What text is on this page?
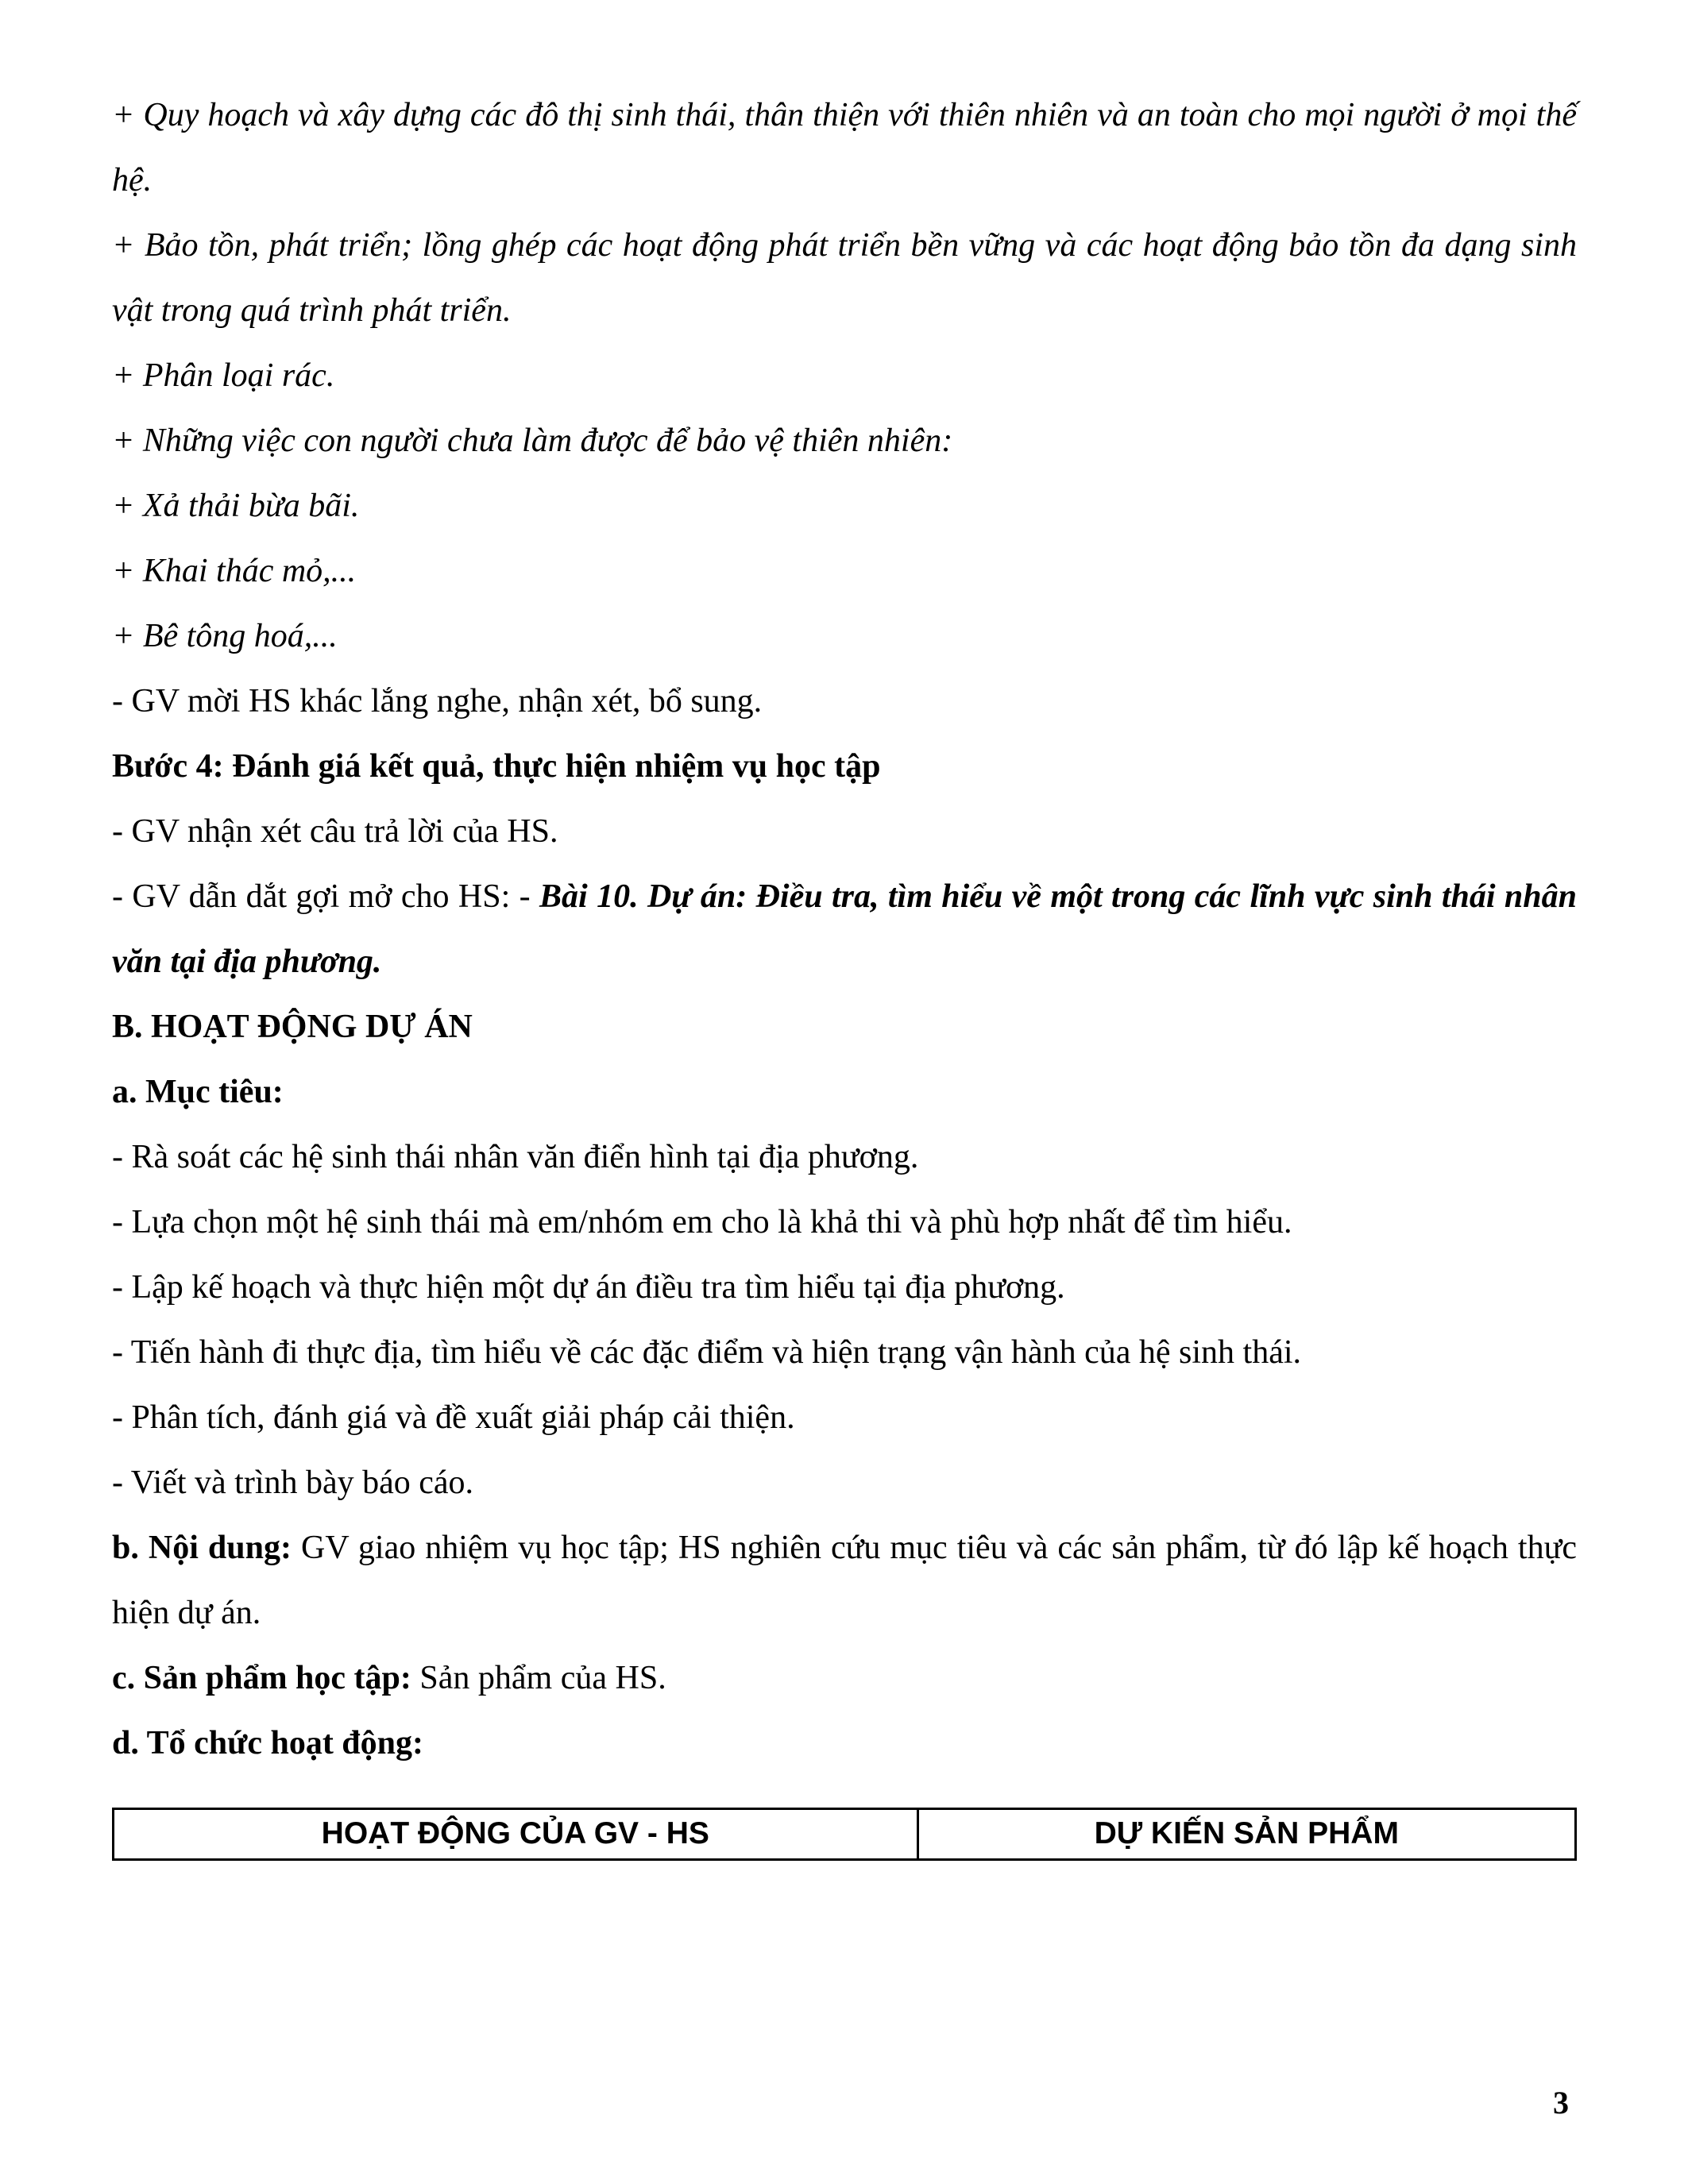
+ Quy hoạch và xây dựng các đô thị sinh thái, thân thiện với thiên nhiên và an toàn cho mọi người ở mọi thế hệ.

+ Bảo tồn, phát triển; lồng ghép các hoạt động phát triển bền vững và các hoạt động bảo tồn đa dạng sinh vật trong quá trình phát triển.

+ Phân loại rác.

+ Những việc con người chưa làm được để bảo vệ thiên nhiên:

+ Xả thải bừa bãi.

+ Khai thác mỏ,...

+ Bê tông hoá,...

- GV mời HS khác lắng nghe, nhận xét, bổ sung.

Bước 4: Đánh giá kết quả, thực hiện nhiệm vụ học tập

- GV nhận xét câu trả lời của HS.

- GV dẫn dắt gợi mở cho HS: - Bài 10. Dự án: Điều tra, tìm hiểu về một trong các lĩnh vực sinh thái nhân văn tại địa phương.

B. HOẠT ĐỘNG DỰ ÁN

a. Mục tiêu:

- Rà soát các hệ sinh thái nhân văn điển hình tại địa phương.

- Lựa chọn một hệ sinh thái mà em/nhóm em cho là khả thi và phù hợp nhất để tìm hiểu.

- Lập kế hoạch và thực hiện một dự án điều tra tìm hiểu tại địa phương.

- Tiến hành đi thực địa, tìm hiểu về các đặc điểm và hiện trạng vận hành của hệ sinh thái.

- Phân tích, đánh giá và đề xuất giải pháp cải thiện.

- Viết và trình bày báo cáo.

b. Nội dung: GV giao nhiệm vụ học tập; HS nghiên cứu mục tiêu và các sản phẩm, từ đó lập kế hoạch thực hiện dự án.

c. Sản phẩm học tập: Sản phẩm của HS.

d. Tổ chức hoạt động:

HOẠT ĐỘNG CỦA GV - HS	DỰ KIẾN SẢN PHẨM
3
